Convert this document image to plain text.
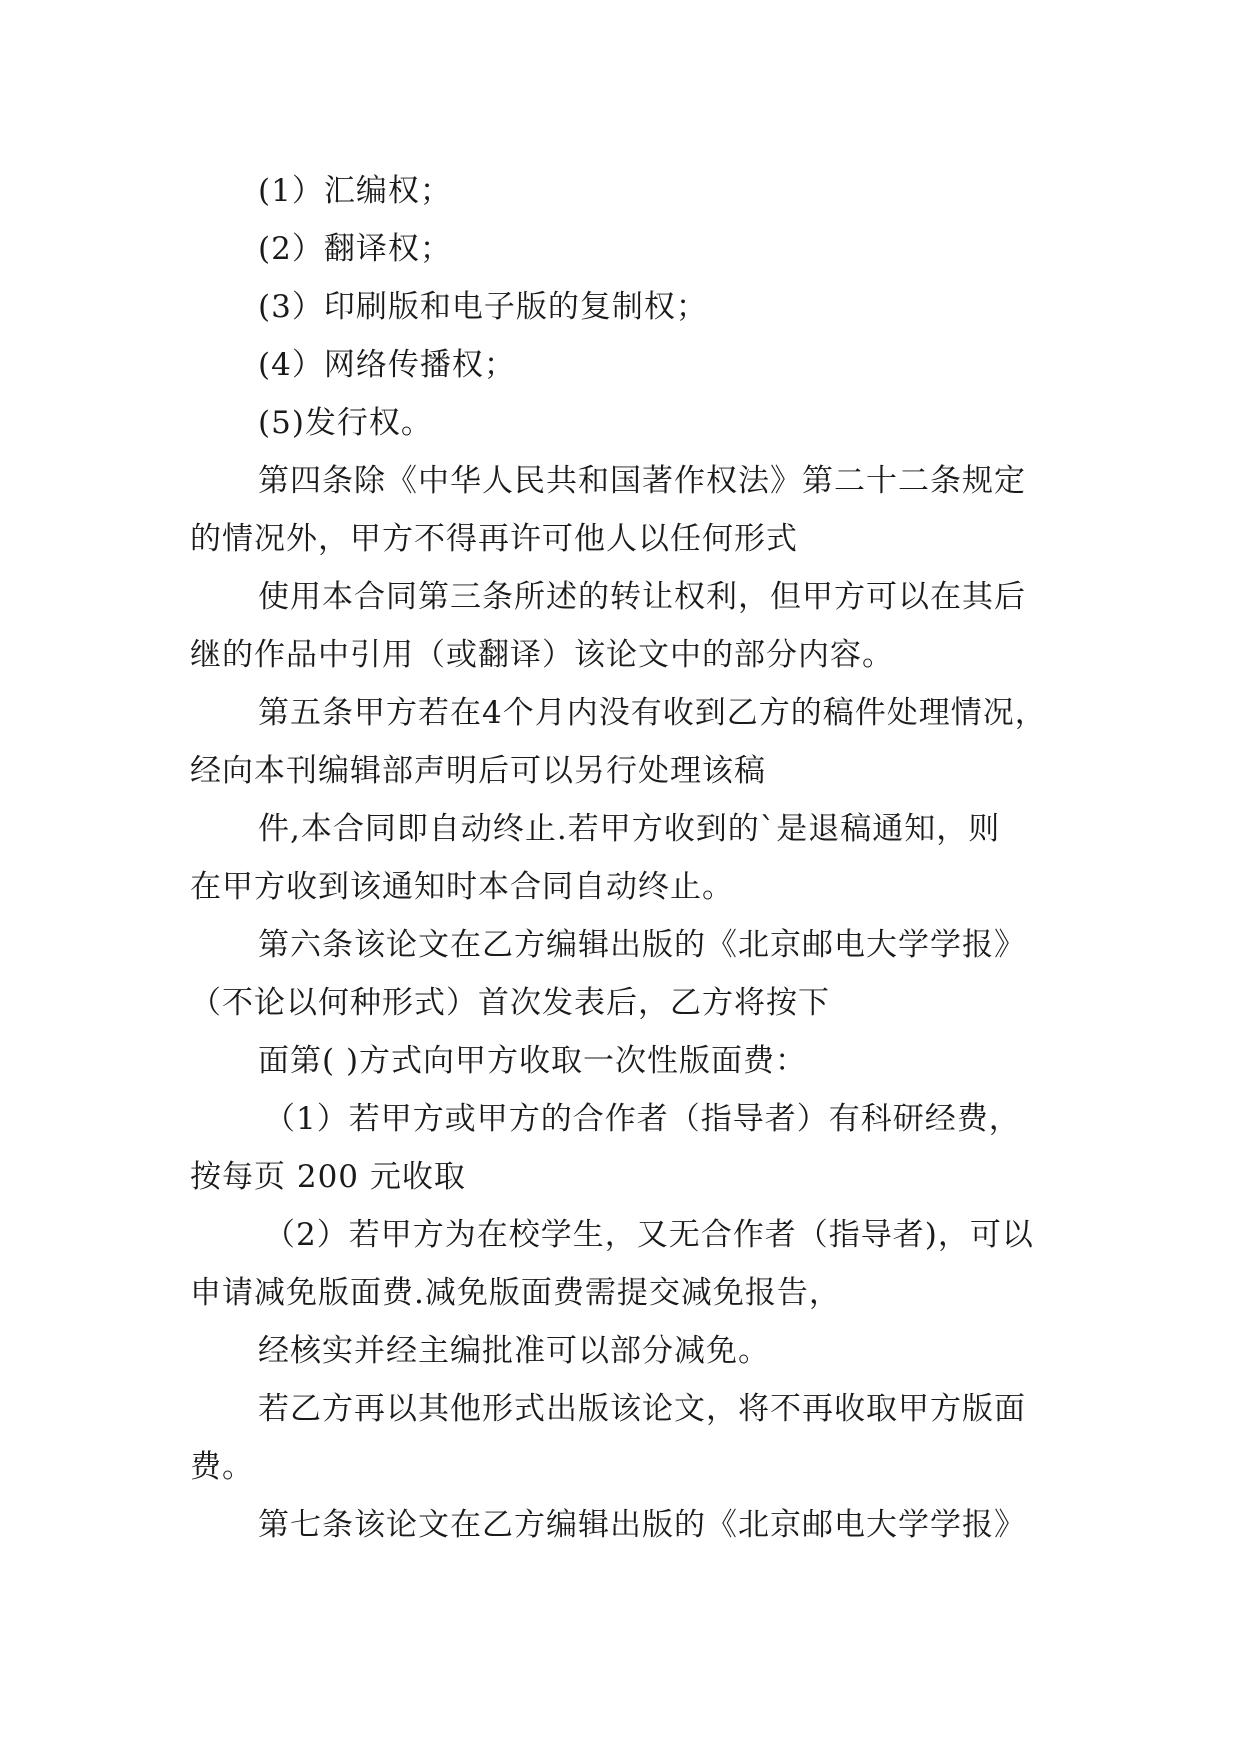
(1）汇编权；
(2）翻译权；
(3）印刷版和电子版的复制权；
(4）网络传播权；
(5)发行权。
第四条除《中华人民共和国著作权法》第二十二条规定
的情况外，甲方不得再许可他人以任何形式
使用本合同第三条所述的转让权利，但甲方可以在其后
继的作品中引用（或翻译）该论文中的部分内容。
第五条甲方若在4个月内没有收到乙方的稿件处理情况，
经向本刊编辑部声明后可以另行处理该稿
件,本合同即自动终止.若甲方收到的`是退稿通知，则
在甲方收到该通知时本合同自动终止。
第六条该论文在乙方编辑出版的《北京邮电大学学报》
（不论以何种形式）首次发表后，乙方将按下
面第( )方式向甲方收取一次性版面费：
（1）若甲方或甲方的合作者（指导者）有科研经费，
按每页 200 元收取
（2）若甲方为在校学生，又无合作者（指导者)，可以
申请减免版面费.减免版面费需提交减免报告，
经核实并经主编批准可以部分减免。
若乙方再以其他形式出版该论文，将不再收取甲方版面
费。
第七条该论文在乙方编辑出版的《北京邮电大学学报》
